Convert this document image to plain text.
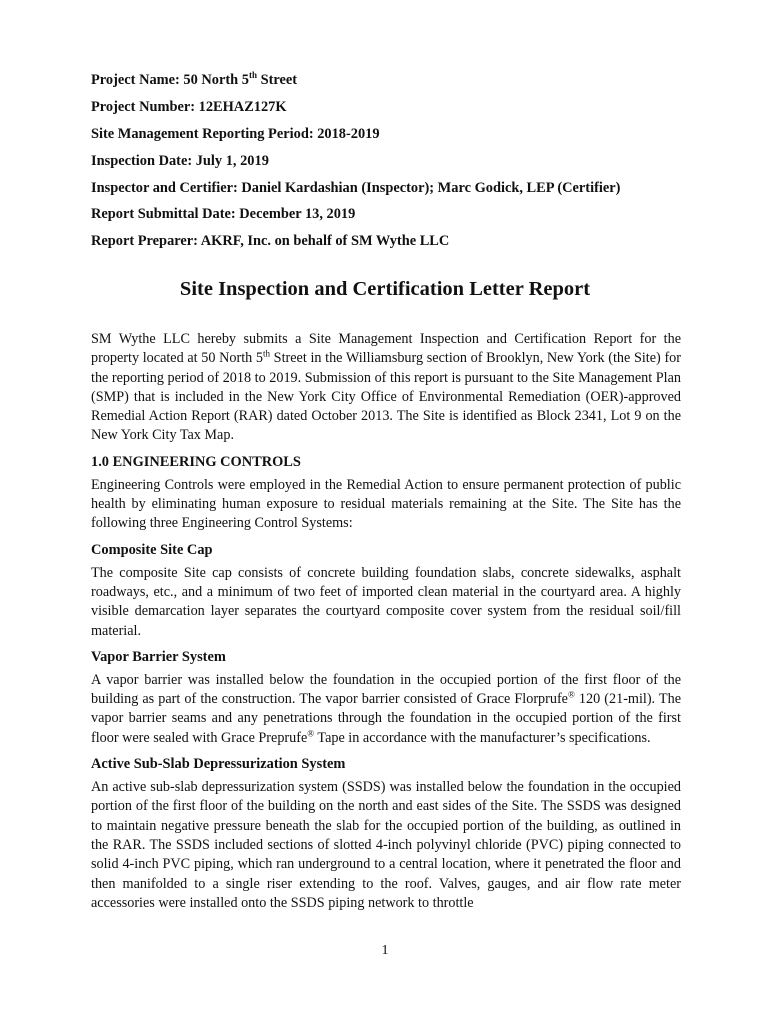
Project Name: 50 North 5th Street
Project Number: 12EHAZ127K
Site Management Reporting Period: 2018-2019
Inspection Date: July 1, 2019
Inspector and Certifier: Daniel Kardashian (Inspector); Marc Godick, LEP (Certifier)
Report Submittal Date: December 13, 2019
Report Preparer: AKRF, Inc. on behalf of SM Wythe LLC
Site Inspection and Certification Letter Report

SM Wythe LLC hereby submits a Site Management Inspection and Certification Report for the property located at 50 North 5th Street in the Williamsburg section of Brooklyn, New York (the Site) for the reporting period of 2018 to 2019. Submission of this report is pursuant to the Site Management Plan (SMP) that is included in the New York City Office of Environmental Remediation (OER)-approved Remedial Action Report (RAR) dated October 2013. The Site is identified as Block 2341, Lot 9 on the New York City Tax Map.

1.0 ENGINEERING CONTROLS

Engineering Controls were employed in the Remedial Action to ensure permanent protection of public health by eliminating human exposure to residual materials remaining at the Site. The Site has the following three Engineering Control Systems:

Composite Site Cap

The composite Site cap consists of concrete building foundation slabs, concrete sidewalks, asphalt roadways, etc., and a minimum of two feet of imported clean material in the courtyard area. A highly visible demarcation layer separates the courtyard composite cover system from the residual soil/fill material.

Vapor Barrier System

A vapor barrier was installed below the foundation in the occupied portion of the first floor of the building as part of the construction. The vapor barrier consisted of Grace Florprufe® 120 (21-mil). The vapor barrier seams and any penetrations through the foundation in the occupied portion of the first floor were sealed with Grace Preprufe® Tape in accordance with the manufacturer’s specifications.

Active Sub-Slab Depressurization System

An active sub-slab depressurization system (SSDS) was installed below the foundation in the occupied portion of the first floor of the building on the north and east sides of the Site. The SSDS was designed to maintain negative pressure beneath the slab for the occupied portion of the building, as outlined in the RAR. The SSDS included sections of slotted 4-inch polyvinyl chloride (PVC) piping connected to solid 4-inch PVC piping, which ran underground to a central location, where it penetrated the floor and then manifolded to a single riser extending to the roof. Valves, gauges, and air flow rate meter accessories were installed onto the SSDS piping network to throttle

1
